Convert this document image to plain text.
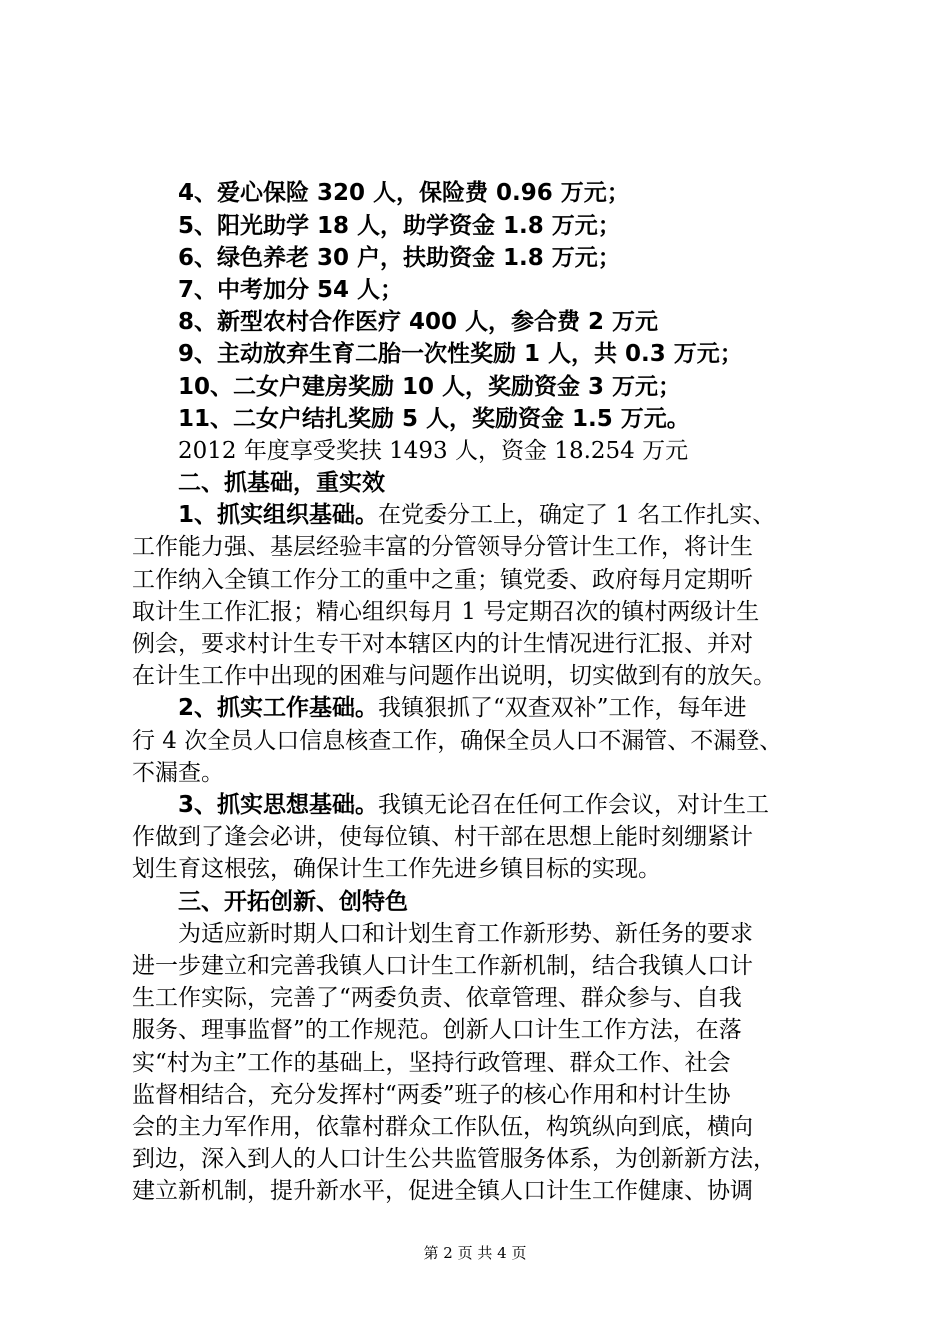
4、爱心保险 320 人，保险费 0.96 万元；
5、阳光助学 18 人，助学资金 1.8 万元；
6、绿色养老 30 户，扶助资金 1.8 万元；
7、中考加分 54 人；
8、新型农村合作医疗 400 人，参合费 2 万元
9、主动放弃生育二胎一次性奖励 1 人，共 0.3 万元；
10、二女户建房奖励 10 人，奖励资金 3 万元；
11、二女户结扎奖励 5 人，奖励资金 1.5 万元。
2012 年度享受奖扶 1493 人，资金 18.254 万元
二、抓基础，重实效
1、抓实组织基础。在党委分工上，确定了 1 名工作扎实、
工作能力强、基层经验丰富的分管领导分管计生工作，将计生
工作纳入全镇工作分工的重中之重；镇党委、政府每月定期听
取计生工作汇报；精心组织每月 1 号定期召次的镇村两级计生
例会，要求村计生专干对本辖区内的计生情况进行汇报、并对
在计生工作中出现的困难与问题作出说明，切实做到有的放矢。
2、抓实工作基础。我镇狠抓了“双查双补”工作，每年进
行 4 次全员人口信息核查工作，确保全员人口不漏管、不漏登、
不漏查。
3、抓实思想基础。我镇无论召在任何工作会议，对计生工
作做到了逢会必讲，使每位镇、村干部在思想上能时刻绷紧计
划生育这根弦，确保计生工作先进乡镇目标的实现。
三、开拓创新、创特色
为适应新时期人口和计划生育工作新形势、新任务的要求
进一步建立和完善我镇人口计生工作新机制，结合我镇人口计
生工作实际，完善了“两委负责、依章管理、群众参与、自我
服务、理事监督”的工作规范。创新人口计生工作方法，在落
实“村为主”工作的基础上，坚持行政管理、群众工作、社会
监督相结合，充分发挥村“两委”班子的核心作用和村计生协
会的主力军作用，依靠村群众工作队伍，构筑纵向到底，横向
到边，深入到人的人口计生公共监管服务体系，为创新新方法，
建立新机制，提升新水平，促进全镇人口计生工作健康、协调
第 2 页 共 4 页
